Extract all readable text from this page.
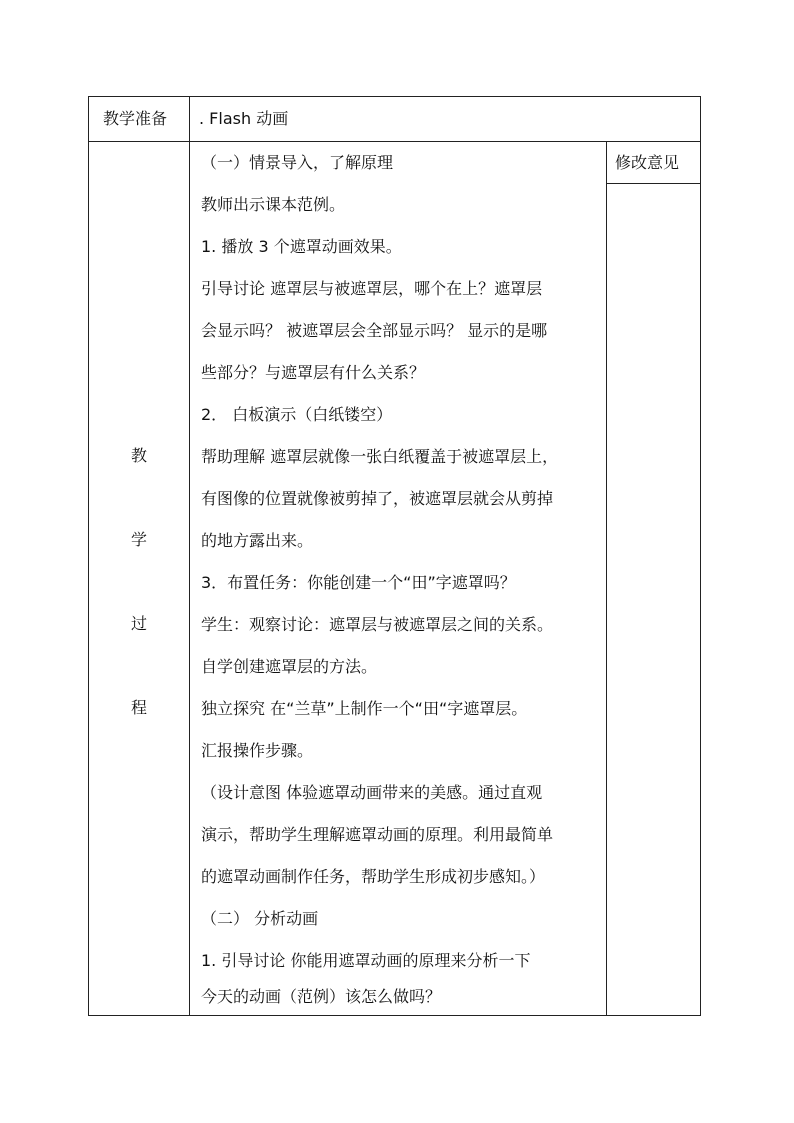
教学准备 . Flash 动画
教
学
过
程
修改意见
（一）情景导入，了解原理
教师出示课本范例。
1. 播放 3 个遮罩动画效果。
引导讨论 遮罩层与被遮罩层，哪个在上？遮罩层
会显示吗？ 被遮罩层会全部显示吗？ 显示的是哪
些部分？与遮罩层有什么关系？
2． 白板演示（白纸镂空）
帮助理解 遮罩层就像一张白纸覆盖于被遮罩层上，
有图像的位置就像被剪掉了，被遮罩层就会从剪掉
的地方露出来。
3．布置任务：你能创建一个“田”字遮罩吗？
学生：观察讨论：遮罩层与被遮罩层之间的关系。
自学创建遮罩层的方法。
独立探究 在“兰草”上制作一个“田“字遮罩层。
汇报操作步骤。
（设计意图 体验遮罩动画带来的美感。通过直观
演示，帮助学生理解遮罩动画的原理。利用最简单
的遮罩动画制作任务，帮助学生形成初步感知。）
（二） 分析动画
1. 引导讨论 你能用遮罩动画的原理来分析一下
今天的动画（范例）该怎么做吗？
